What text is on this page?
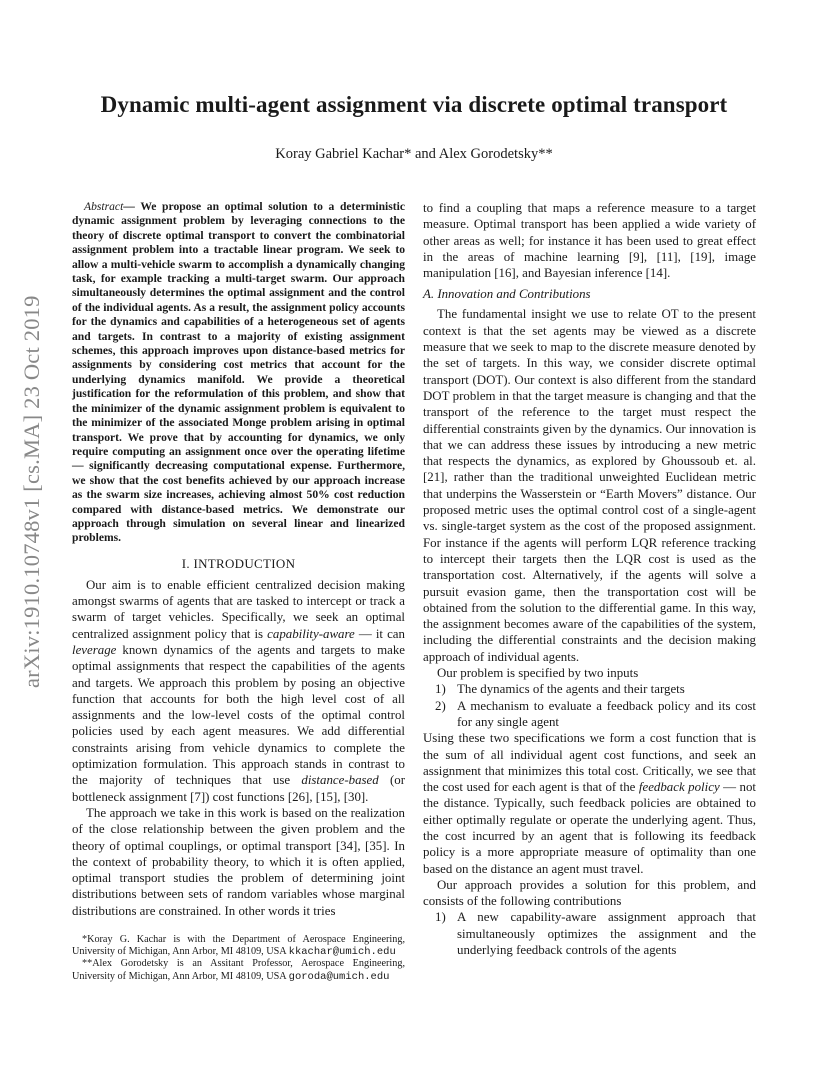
arXiv:1910.10748v1 [cs.MA] 23 Oct 2019
Dynamic multi-agent assignment via discrete optimal transport
Koray Gabriel Kachar* and Alex Gorodetsky**

Abstract— We propose an optimal solution to a deterministic dynamic assignment problem by leveraging connections to the theory of discrete optimal transport to convert the combinatorial assignment problem into a tractable linear program. We seek to allow a multi-vehicle swarm to accomplish a dynamically changing task, for example tracking a multi-target swarm. Our approach simultaneously determines the optimal assignment and the control of the individual agents. As a result, the assignment policy accounts for the dynamics and capabilities of a heterogeneous set of agents and targets. In contrast to a majority of existing assignment schemes, this approach improves upon distance-based metrics for assignments by considering cost metrics that account for the underlying dynamics manifold. We provide a theoretical justification for the reformulation of this problem, and show that the minimizer of the dynamic assignment problem is equivalent to the minimizer of the associated Monge problem arising in optimal transport. We prove that by accounting for dynamics, we only require computing an assignment once over the operating lifetime — significantly decreasing computational expense. Furthermore, we show that the cost benefits achieved by our approach increase as the swarm size increases, achieving almost 50% cost reduction compared with distance-based metrics. We demonstrate our approach through simulation on several linear and linearized problems.

I. INTRODUCTION

Our aim is to enable efficient centralized decision making amongst swarms of agents that are tasked to intercept or track a swarm of target vehicles. Specifically, we seek an optimal centralized assignment policy that is capability-aware — it can leverage known dynamics of the agents and targets to make optimal assignments that respect the capabilities of the agents and targets. We approach this problem by posing an objective function that accounts for both the high level cost of all assignments and the low-level costs of the optimal control policies used by each agent measures. We add differential constraints arising from vehicle dynamics to complete the optimization formulation. This approach stands in contrast to the majority of techniques that use distance-based (or bottleneck assignment [7]) cost functions [26], [15], [30].

The approach we take in this work is based on the realization of the close relationship between the given problem and the theory of optimal couplings, or optimal transport [34], [35]. In the context of probability theory, to which it is often applied, optimal transport studies the problem of determining joint distributions between sets of random variables whose marginal distributions are constrained. In other words it tries

*Koray G. Kachar is with the Department of Aerospace Engineering, University of Michigan, Ann Arbor, MI 48109, USA kkachar@umich.edu

**Alex Gorodetsky is an Assitant Professor, Aerospace Engineering, University of Michigan, Ann Arbor, MI 48109, USA goroda@umich.edu

to find a coupling that maps a reference measure to a target measure. Optimal transport has been applied a wide variety of other areas as well; for instance it has been used to great effect in the areas of machine learning [9], [11], [19], image manipulation [16], and Bayesian inference [14].

A. Innovation and Contributions

The fundamental insight we use to relate OT to the present context is that the set agents may be viewed as a discrete measure that we seek to map to the discrete measure denoted by the set of targets. In this way, we consider discrete optimal transport (DOT). Our context is also different from the standard DOT problem in that the target measure is changing and that the transport of the reference to the target must respect the differential constraints given by the dynamics. Our innovation is that we can address these issues by introducing a new metric that respects the dynamics, as explored by Ghoussoub et. al. [21], rather than the traditional unweighted Euclidean metric that underpins the Wasserstein or “Earth Movers” distance. Our proposed metric uses the optimal control cost of a single-agent vs. single-target system as the cost of the proposed assignment. For instance if the agents will perform LQR reference tracking to intercept their targets then the LQR cost is used as the transportation cost. Alternatively, if the agents will solve a pursuit evasion game, then the transportation cost will be obtained from the solution to the differential game. In this way, the assignment becomes aware of the capabilities of the system, including the differential constraints and the decision making approach of individual agents.

Our problem is specified by two inputs

1) The dynamics of the agents and their targets
2) A mechanism to evaluate a feedback policy and its cost for any single agent

Using these two specifications we form a cost function that is the sum of all individual agent cost functions, and seek an assignment that minimizes this total cost. Critically, we see that the cost used for each agent is that of the feedback policy — not the distance. Typically, such feedback policies are obtained to either optimally regulate or operate the underlying agent. Thus, the cost incurred by an agent that is following its feedback policy is a more appropriate measure of optimality than one based on the distance an agent must travel.

Our approach provides a solution for this problem, and consists of the following contributions

1) A new capability-aware assignment approach that simultaneously optimizes the assignment and the underlying feedback controls of the agents
